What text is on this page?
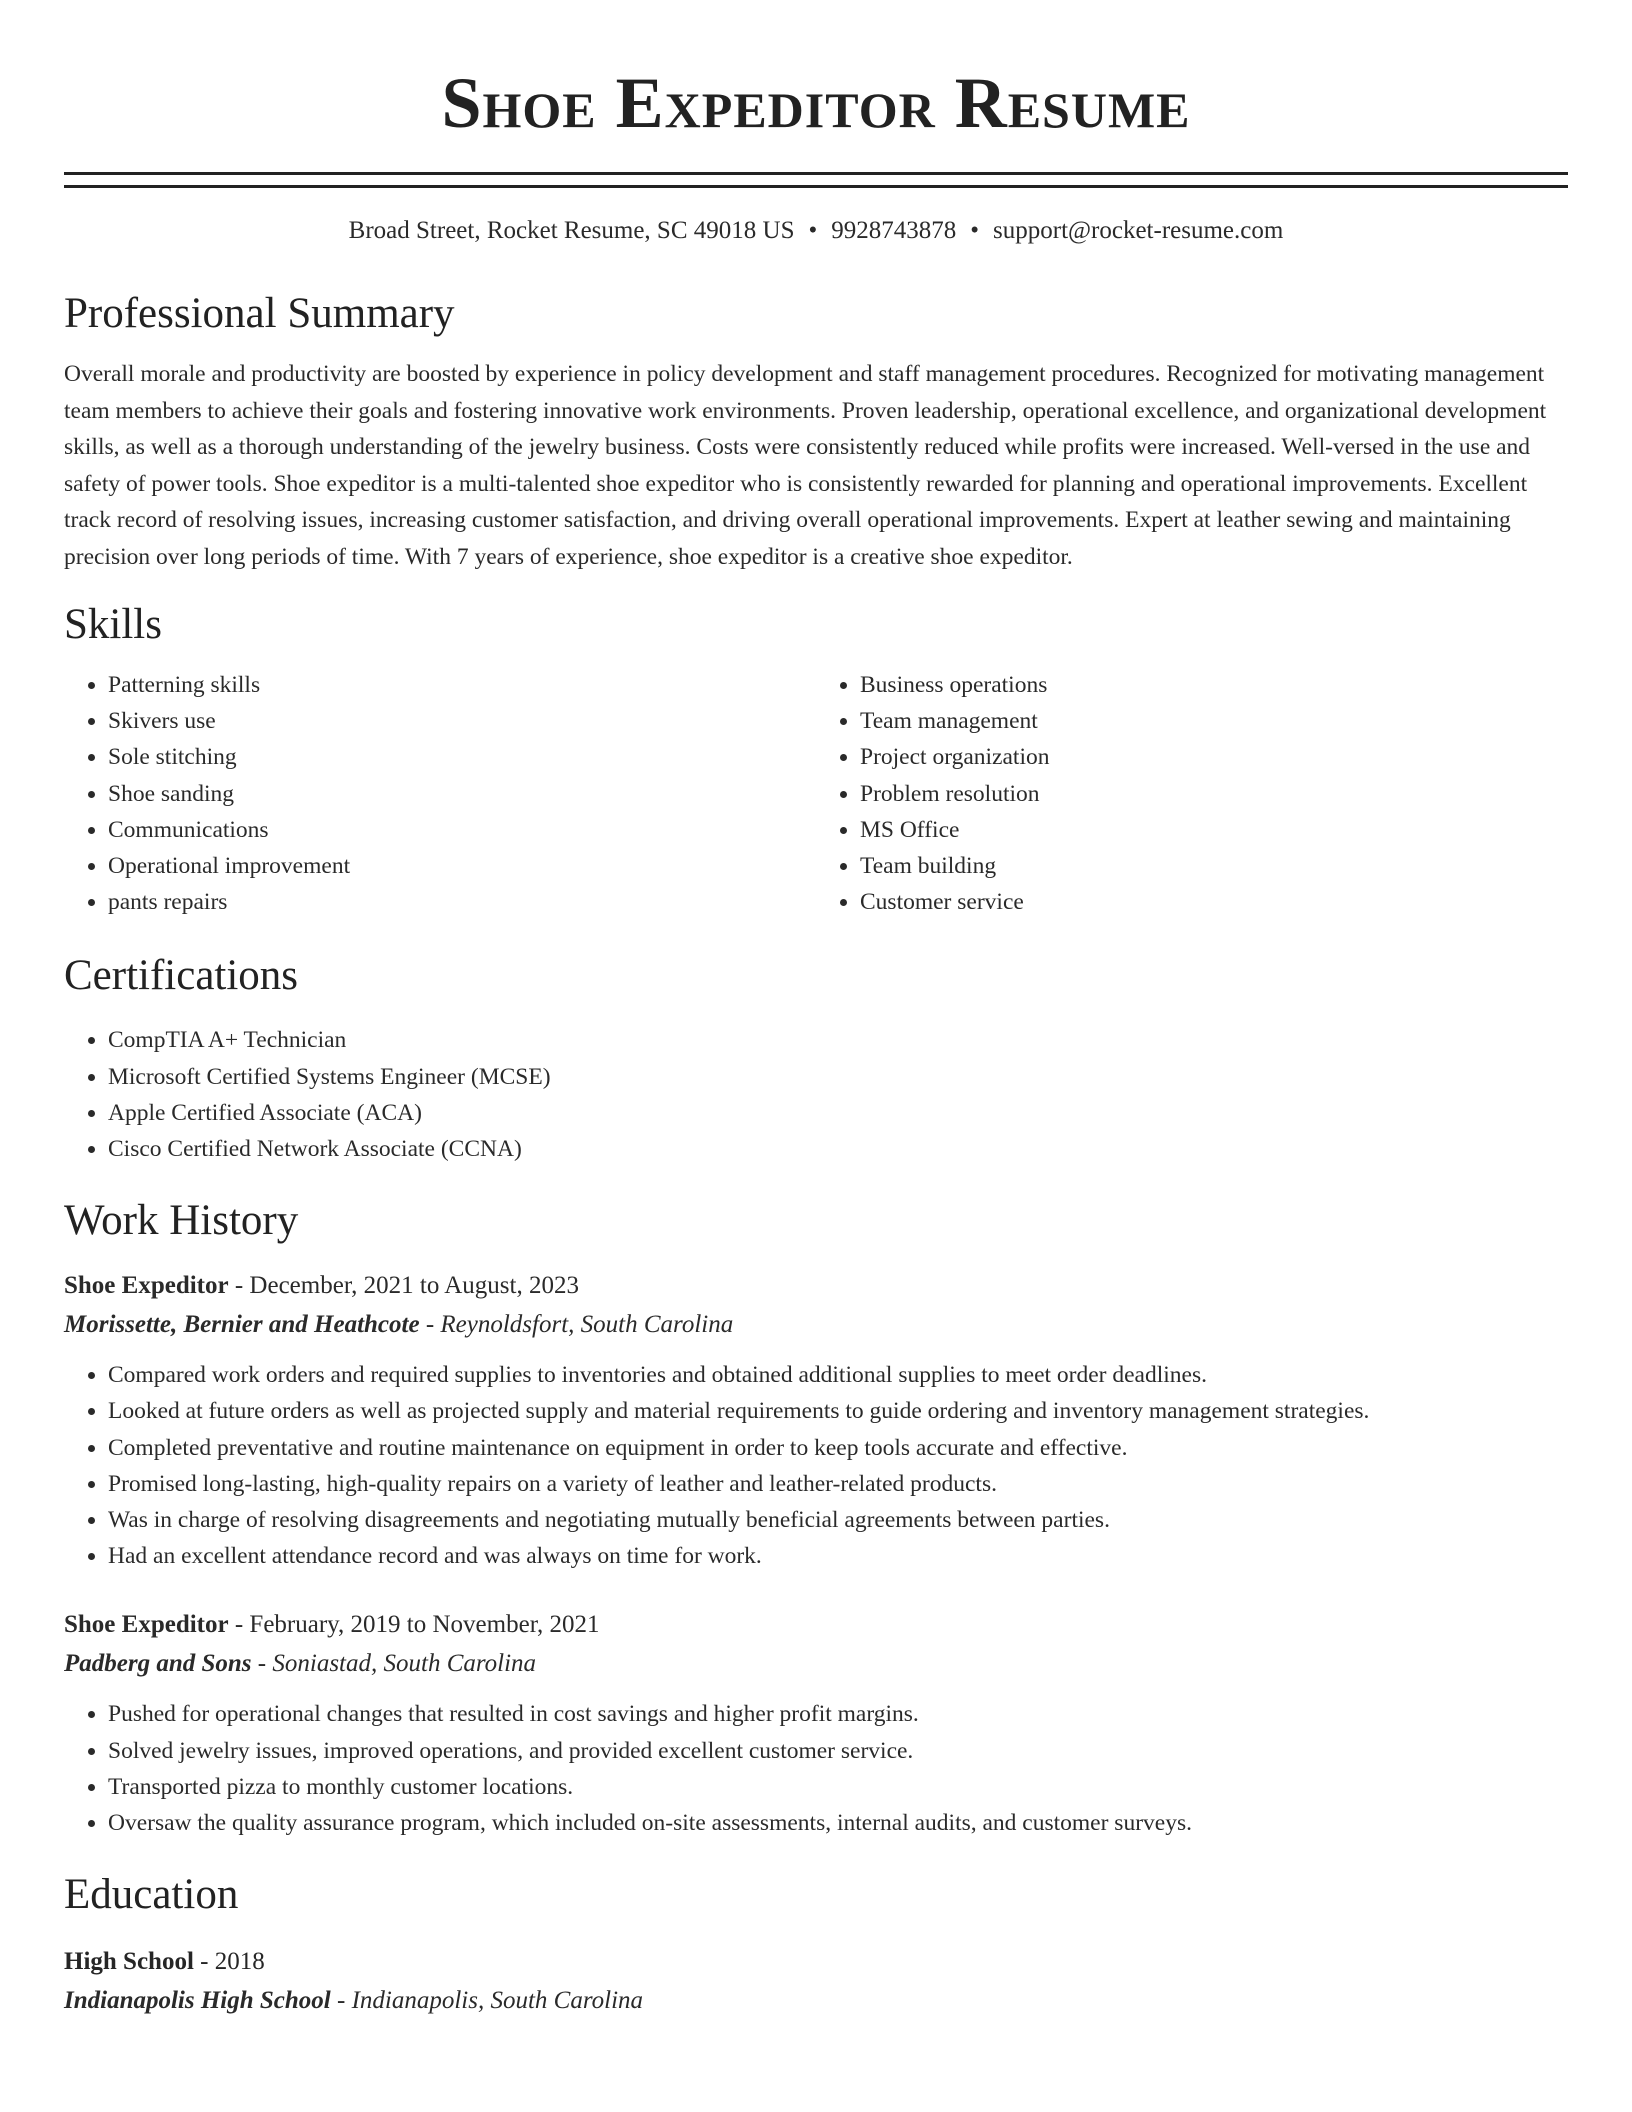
Shoe Expeditor Resume
Broad Street, Rocket Resume, SC 49018 US • 9928743878 • support@rocket-resume.com
Professional Summary

Overall morale and productivity are boosted by experience in policy development and staff management procedures. Recognized for motivating management team members to achieve their goals and fostering innovative work environments. Proven leadership, operational excellence, and organizational development skills, as well as a thorough understanding of the jewelry business. Costs were consistently reduced while profits were increased. Well-versed in the use and safety of power tools. Shoe expeditor is a multi-talented shoe expeditor who is consistently rewarded for planning and operational improvements. Excellent track record of resolving issues, increasing customer satisfaction, and driving overall operational improvements. Expert at leather sewing and maintaining precision over long periods of time. With 7 years of experience, shoe expeditor is a creative shoe expeditor.

Skills
• Patterning skills
• Skivers use
• Sole stitching
• Shoe sanding
• Communications
• Operational improvement
• pants repairs
• Business operations
• Team management
• Project organization
• Problem resolution
• MS Office
• Team building
• Customer service
Certifications
• CompTIA A+ Technician
• Microsoft Certified Systems Engineer (MCSE)
• Apple Certified Associate (ACA)
• Cisco Certified Network Associate (CCNA)
Work History
Shoe Expeditor - December, 2021 to August, 2023
Morissette, Bernier and Heathcote - Reynoldsfort, South Carolina
• Compared work orders and required supplies to inventories and obtained additional supplies to meet order deadlines.
• Looked at future orders as well as projected supply and material requirements to guide ordering and inventory management strategies.
• Completed preventative and routine maintenance on equipment in order to keep tools accurate and effective.
• Promised long-lasting, high-quality repairs on a variety of leather and leather-related products.
• Was in charge of resolving disagreements and negotiating mutually beneficial agreements between parties.
• Had an excellent attendance record and was always on time for work.
Shoe Expeditor - February, 2019 to November, 2021
Padberg and Sons - Soniastad, South Carolina
• Pushed for operational changes that resulted in cost savings and higher profit margins.
• Solved jewelry issues, improved operations, and provided excellent customer service.
• Transported pizza to monthly customer locations.
• Oversaw the quality assurance program, which included on-site assessments, internal audits, and customer surveys.
Education
High School - 2018
Indianapolis High School - Indianapolis, South Carolina
